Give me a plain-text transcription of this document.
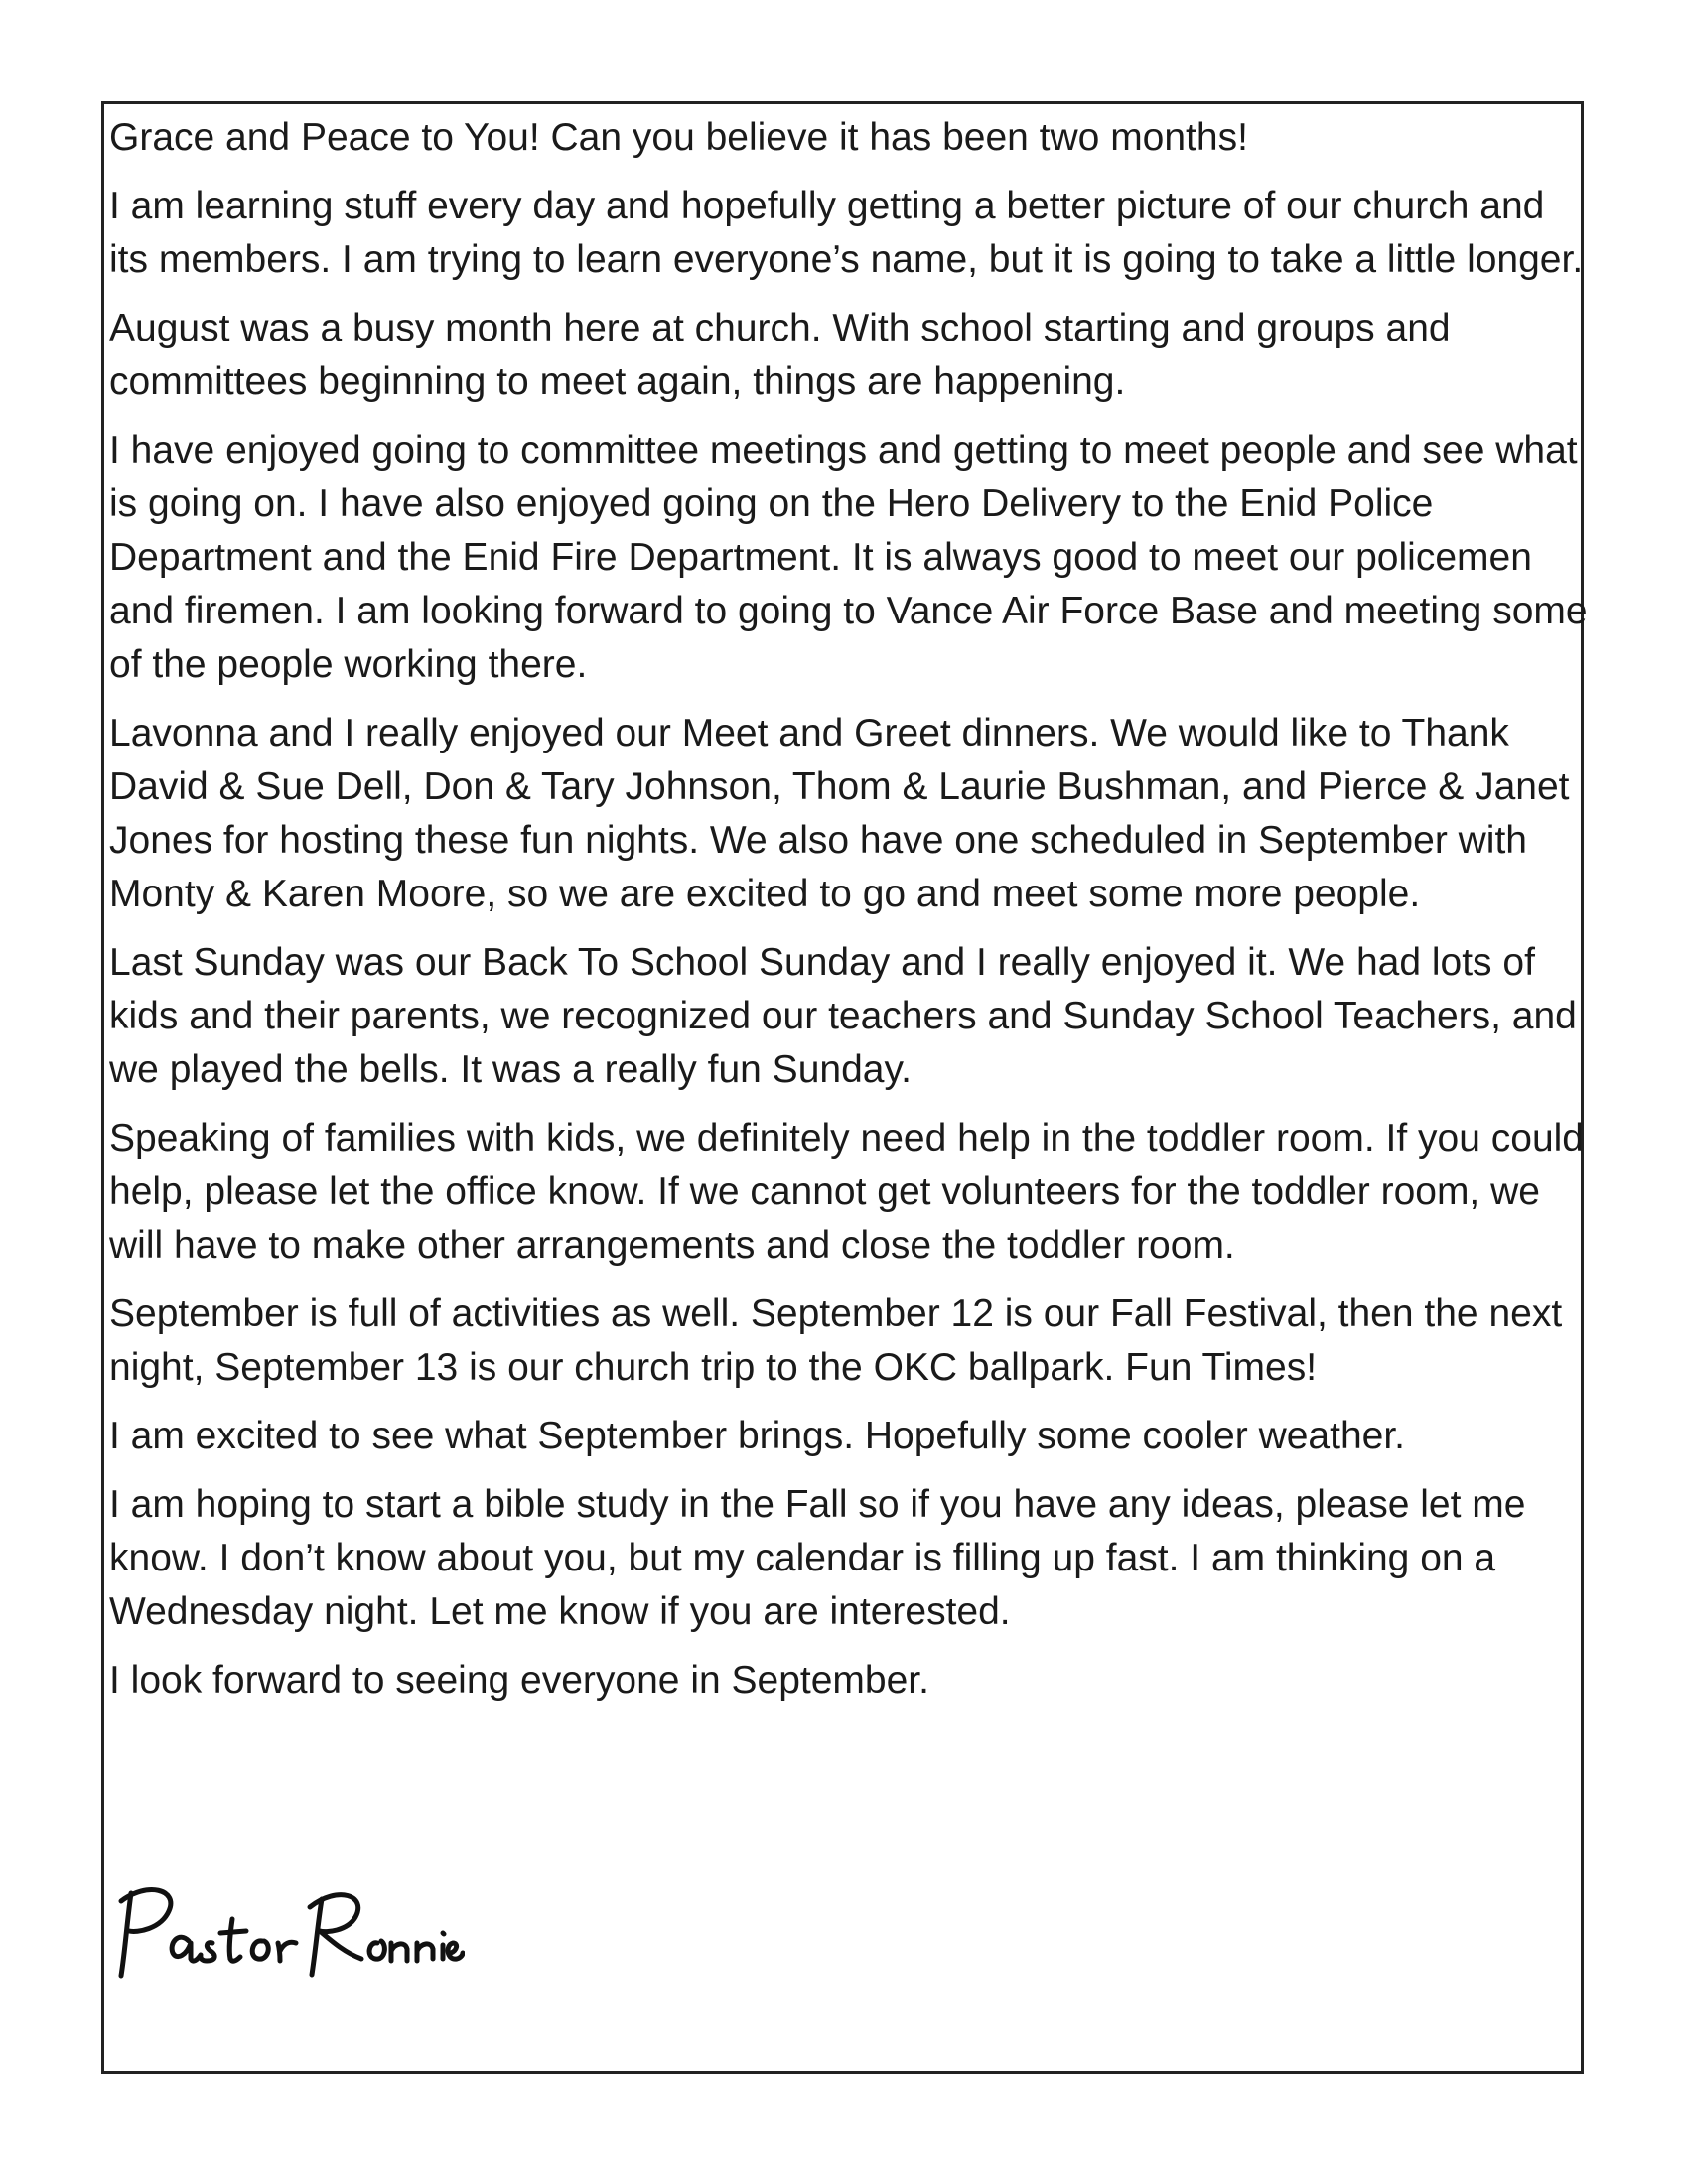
Grace and Peace to You! Can you believe it has been two months!

I am learning stuff every day and hopefully getting a better picture of our church and its members. I am trying to learn everyone’s name, but it is going to take a little longer.

August was a busy month here at church. With school starting and groups and committees beginning to meet again, things are happening.

I have enjoyed going to committee meetings and getting to meet people and see what is going on. I have also enjoyed going on the Hero Delivery to the Enid Police Department and the Enid Fire Department. It is always good to meet our policemen and firemen. I am looking forward to going to Vance Air Force Base and meeting some of the people working there.

Lavonna and I really enjoyed our Meet and Greet dinners. We would like to Thank David & Sue Dell, Don & Tary Johnson, Thom & Laurie Bushman, and Pierce & Janet Jones for hosting these fun nights. We also have one scheduled in September with Monty & Karen Moore, so we are excited to go and meet some more people.

Last Sunday was our Back To School Sunday and I really enjoyed it. We had lots of kids and their parents, we recognized our teachers and Sunday School Teachers, and we played the bells. It was a really fun Sunday.

Speaking of families with kids, we definitely need help in the toddler room. If you could help, please let the office know. If we cannot get volunteers for the toddler room, we will have to make other arrangements and close the toddler room.

September is full of activities as well. September 12 is our Fall Festival, then the next night, September 13 is our church trip to the OKC ballpark. Fun Times!

I am excited to see what September brings. Hopefully some cooler weather.

I am hoping to start a bible study in the Fall so if you have any ideas, please let me know. I don’t know about you, but my calendar is filling up fast. I am thinking on a Wednesday night. Let me know if you are interested.

I look forward to seeing everyone in September.
